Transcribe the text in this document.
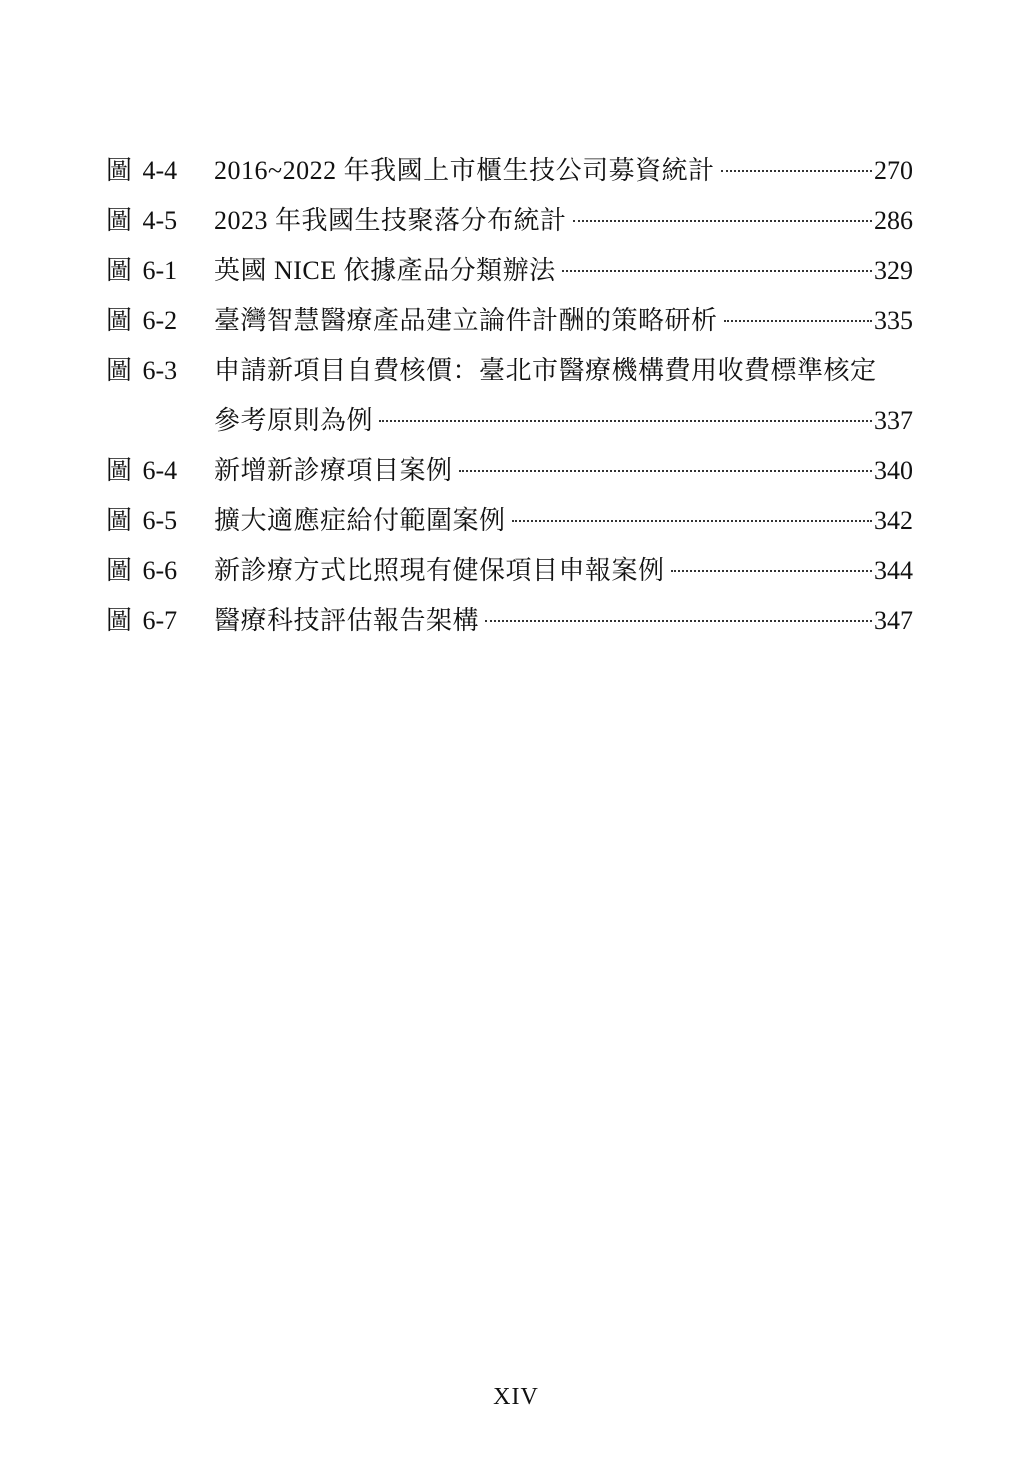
圖 4-4	2016~2022 年我國上市櫃生技公司募資統計	270
圖 4-5	2023 年我國生技聚落分布統計	286
圖 6-1	英國 NICE 依據產品分類辦法	329
圖 6-2	臺灣智慧醫療產品建立論件計酬的策略研析	335
圖 6-3	申請新項目自費核價：臺北市醫療機構費用收費標準核定
參考原則為例	337
圖 6-4	新增新診療項目案例	340
圖 6-5	擴大適應症給付範圍案例	342
圖 6-6	新診療方式比照現有健保項目申報案例	344
圖 6-7	醫療科技評估報告架構	347
XIV
